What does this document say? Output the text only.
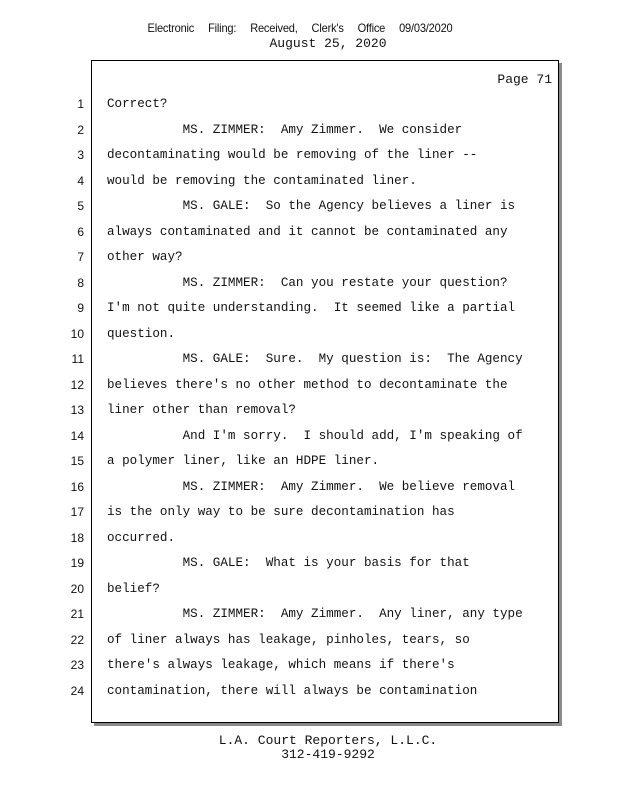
Electronic Filing: Received, Clerk's Office 09/03/2020
August 25, 2020
Page 71
1
2
3
4
5
6
7
8
9
10
11
12
13
14
15
16
17
18
19
20
21
22
23
24
Correct?
MS. ZIMMER:  Amy Zimmer.  We consider
decontaminating would be removing of the liner --
would be removing the contaminated liner.
MS. GALE:  So the Agency believes a liner is
always contaminated and it cannot be contaminated any
other way?
MS. ZIMMER:  Can you restate your question?
I'm not quite understanding.  It seemed like a partial
question.
MS. GALE:  Sure.  My question is:  The Agency
believes there's no other method to decontaminate the
liner other than removal?
And I'm sorry.  I should add, I'm speaking of
a polymer liner, like an HDPE liner.
MS. ZIMMER:  Amy Zimmer.  We believe removal
is the only way to be sure decontamination has
occurred.
MS. GALE:  What is your basis for that
belief?
MS. ZIMMER:  Amy Zimmer.  Any liner, any type
of liner always has leakage, pinholes, tears, so
there's always leakage, which means if there's
contamination, there will always be contamination
L.A. Court Reporters, L.L.C.
312-419-9292
